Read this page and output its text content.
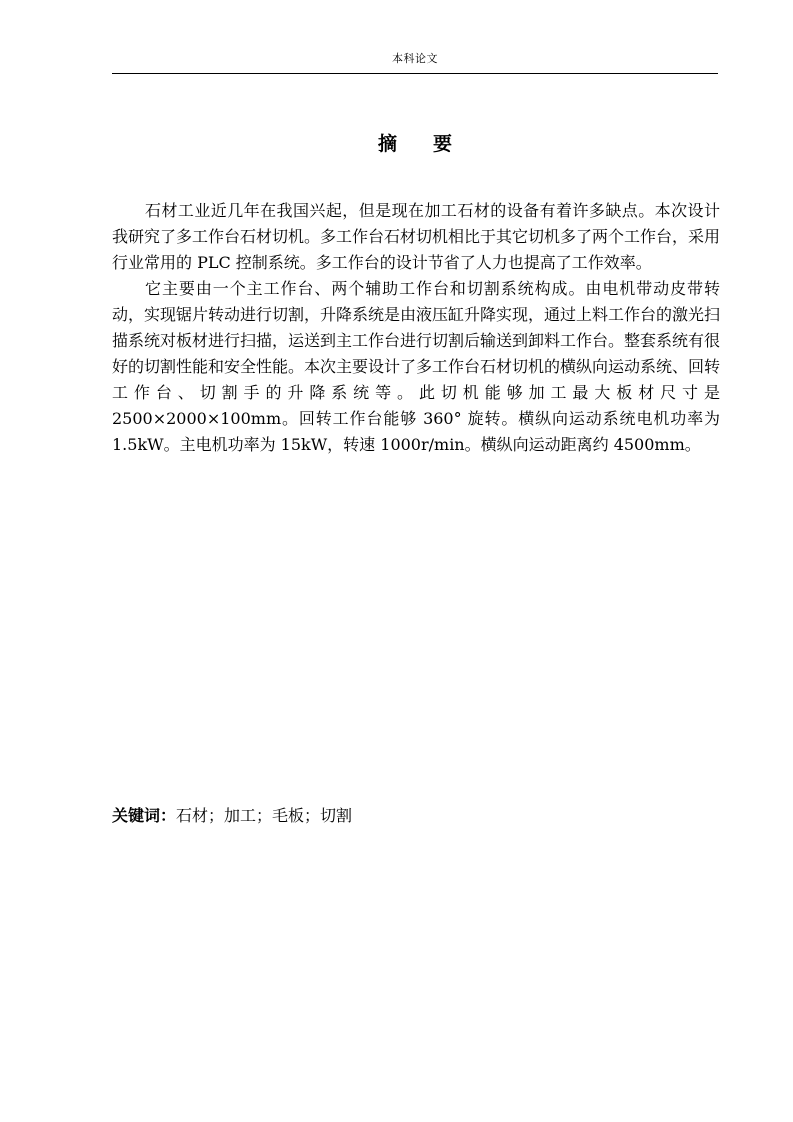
本科论文
摘 要

石材工业近几年在我国兴起，但是现在加工石材的设备有着许多缺点。本次设计我研究了多工作台石材切机。多工作台石材切机相比于其它切机多了两个工作台，采用行业常用的 PLC 控制系统。多工作台的设计节省了人力也提高了工作效率。

它主要由一个主工作台、两个辅助工作台和切割系统构成。由电机带动皮带转动，实现锯片转动进行切割，升降系统是由液压缸升降实现，通过上料工作台的激光扫描系统对板材进行扫描，运送到主工作台进行切割后输送到卸料工作台。整套系统有很好的切割性能和安全性能。本次主要设计了多工作台石材切机的横纵向运动系统、回转工作台、切割手的升降系统等。此切机能够加工最大板材尺寸是 2500×2000×100mm。回转工作台能够 360° 旋转。横纵向运动系统电机功率为 1.5kW。主电机功率为 15kW，转速 1000r/min。横纵向运动距离约 4500mm。

关键词：石材；加工；毛板；切割
